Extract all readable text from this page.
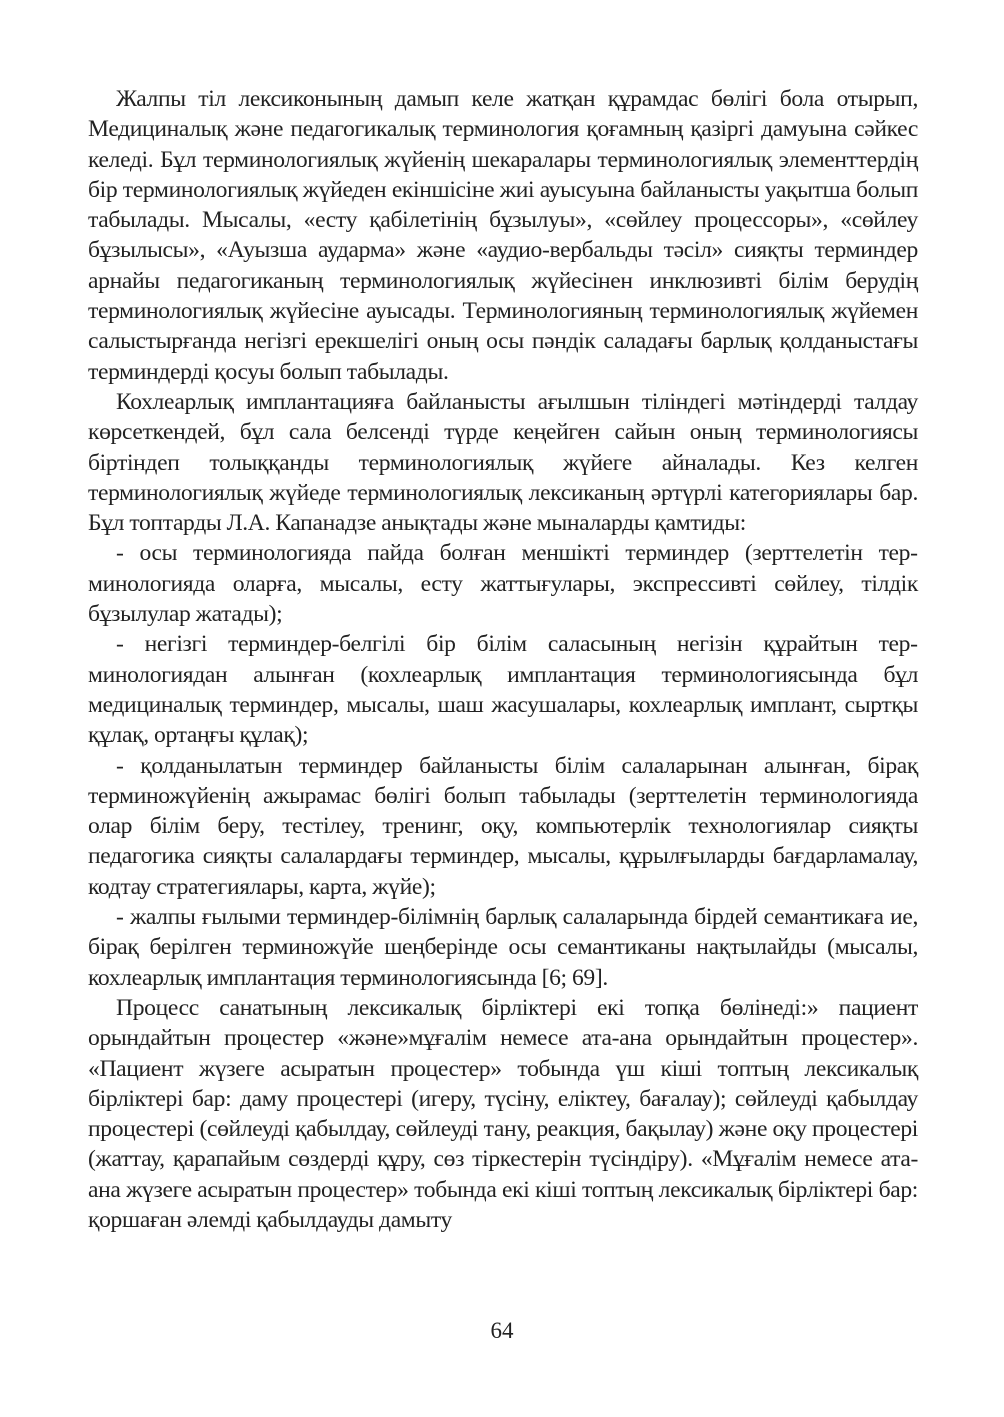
Жалпы тіл лексиконының дамып келе жатқан құрамдас бөлігі бола отырып, Медициналық және педагогикалық терминология қоғамның қазіргі дамуына сәйкес келеді. Бұл терминологиялық жүйенің шекаралары терминологиялық элементтердің бір терминологиялық жүйеден екіншісіне жиі ауысуына байланысты уақытша болып табылады. Мысалы, «есту қабілетінің бұзылуы», «сөйлеу процессоры», «сөйлеу бұзылысы», «Ауызша аударма» және «аудио-вербальды тәсіл» сияқты терминдер арнайы педагогиканың терминологиялық жүйесінен инклюзивті білім берудің терминологиялық жүйесіне ауысады. Терминологияның терминологиялық жүйемен салыстырғанда негізгі ерекшелігі оның осы пәндік саладағы барлық қолданыстағы терминдерді қосуы болып табылады.

Кохлеарлық имплантацияға байланысты ағылшын тіліндегі мәтіндерді талдау көрсеткендей, бұл сала белсенді түрде кеңейген сайын оның терминологиясы біртіндеп толыққанды терминологиялық жүйеге айналады. Кез келген терминологиялық жүйеде терминологиялық лексиканың әртүрлі категориялары бар. Бұл топтарды Л.А. Капанадзе анықтады және мыналарды қамтиды:

- осы терминологияда пайда болған меншікті терминдер (зерттелетін терминологияда оларға, мысалы, есту жаттығулары, экспрессивті сөйлеу, тілдік бұзылулар жатады);

- негізгі терминдер-белгілі бір білім саласының негізін құрайтын терминологиядан алынған (кохлеарлық имплантация терминологиясында бұл медициналық терминдер, мысалы, шаш жасушалары, кохлеарлық имплант, сыртқы құлақ, ортаңғы құлақ);

- қолданылатын терминдер байланысты білім салаларынан алынған, бірақ терминожүйенің ажырамас бөлігі болып табылады (зерттелетін терминологияда олар білім беру, тестілеу, тренинг, оқу, компьютерлік технологиялар сияқты педагогика сияқты салалардағы терминдер, мысалы, құрылғыларды бағдарламалау, кодтау стратегиялары, карта, жүйе);

- жалпы ғылыми терминдер-білімнің барлық салаларында бірдей семантикаға ие, бірақ берілген терминожүйе шеңберінде осы семантиканы нақтылайды (мысалы, кохлеарлық имплантация терминологиясында [6; 69].

Процесс санатының лексикалық бірліктері екі топқа бөлінеді:» пациент орындайтын процестер «және»мұғалім немесе ата-ана орындайтын процестер». «Пациент жүзеге асыратын процестер» тобында үш кіші топтың лексикалық бірліктері бар: даму процестері (игеру, түсіну, еліктеу, бағалау); сөйлеуді қабылдау процестері (сөйлеуді қабылдау, сөйлеуді тану, реакция, бақылау) және оқу процестері (жаттау, қарапайым сөздерді құру, сөз тіркестерін түсіндіру). «Мұғалім немесе ата-ана жүзеге асыратын процестер» тобында екі кіші топтың лексикалық бірліктері бар: қоршаған әлемді қабылдауды дамыту

64
